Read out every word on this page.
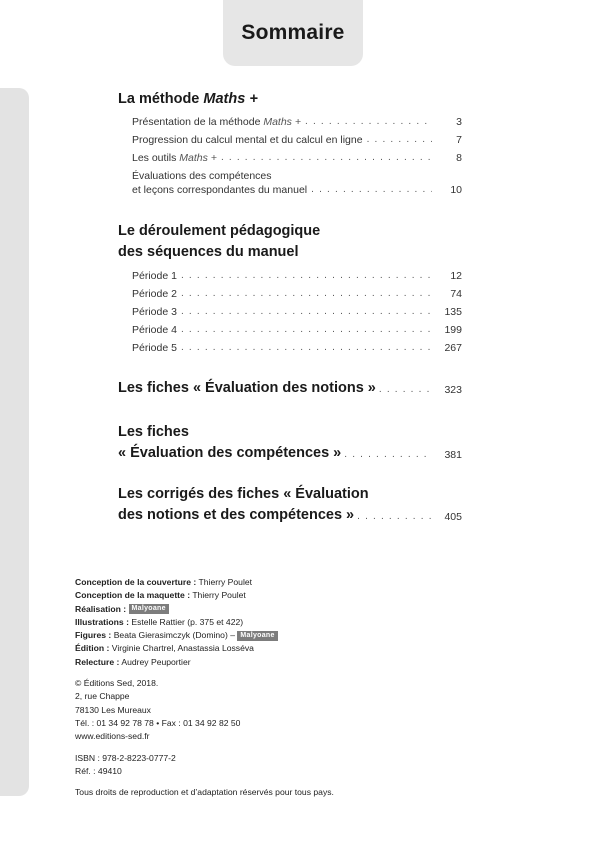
Sommaire
La méthode Maths +
Présentation de la méthode Maths + . . .	3
Progression du calcul mental et du calcul en ligne . . .	7
Les outils Maths + . . .	8
Évaluations des compétences
et leçons correspondantes du manuel . . .	10
Le déroulement pédagogique
des séquences du manuel
Période 1 . . .	12
Période 2 . . .	74
Période 3 . . .	135
Période 4 . . .	199
Période 5 . . .	267
Les fiches « Évaluation des notions » . . .	323
Les fiches
« Évaluation des compétences » . . .	381
Les corrigés des fiches « Évaluation
des notions et des compétences » . . .	405
Conception de la couverture : Thierry Poulet
Conception de la maquette : Thierry Poulet
Réalisation : Malyoane
Illustrations : Estelle Rattier (p. 375 et 422)
Figures : Beata Gierasimczyk (Domino) – Malyoane
Édition : Virginie Chartrel, Anastassia Losséva
Relecture : Audrey Peuportier
© Éditions Sed, 2018.
2, rue Chappe
78130 Les Mureaux
Tél. : 01 34 92 78 78 • Fax : 01 34 92 82 50
www.editions-sed.fr
ISBN : 978-2-8223-0777-2
Réf. : 49410
Tous droits de reproduction et d’adaptation réservés pour tous pays.
